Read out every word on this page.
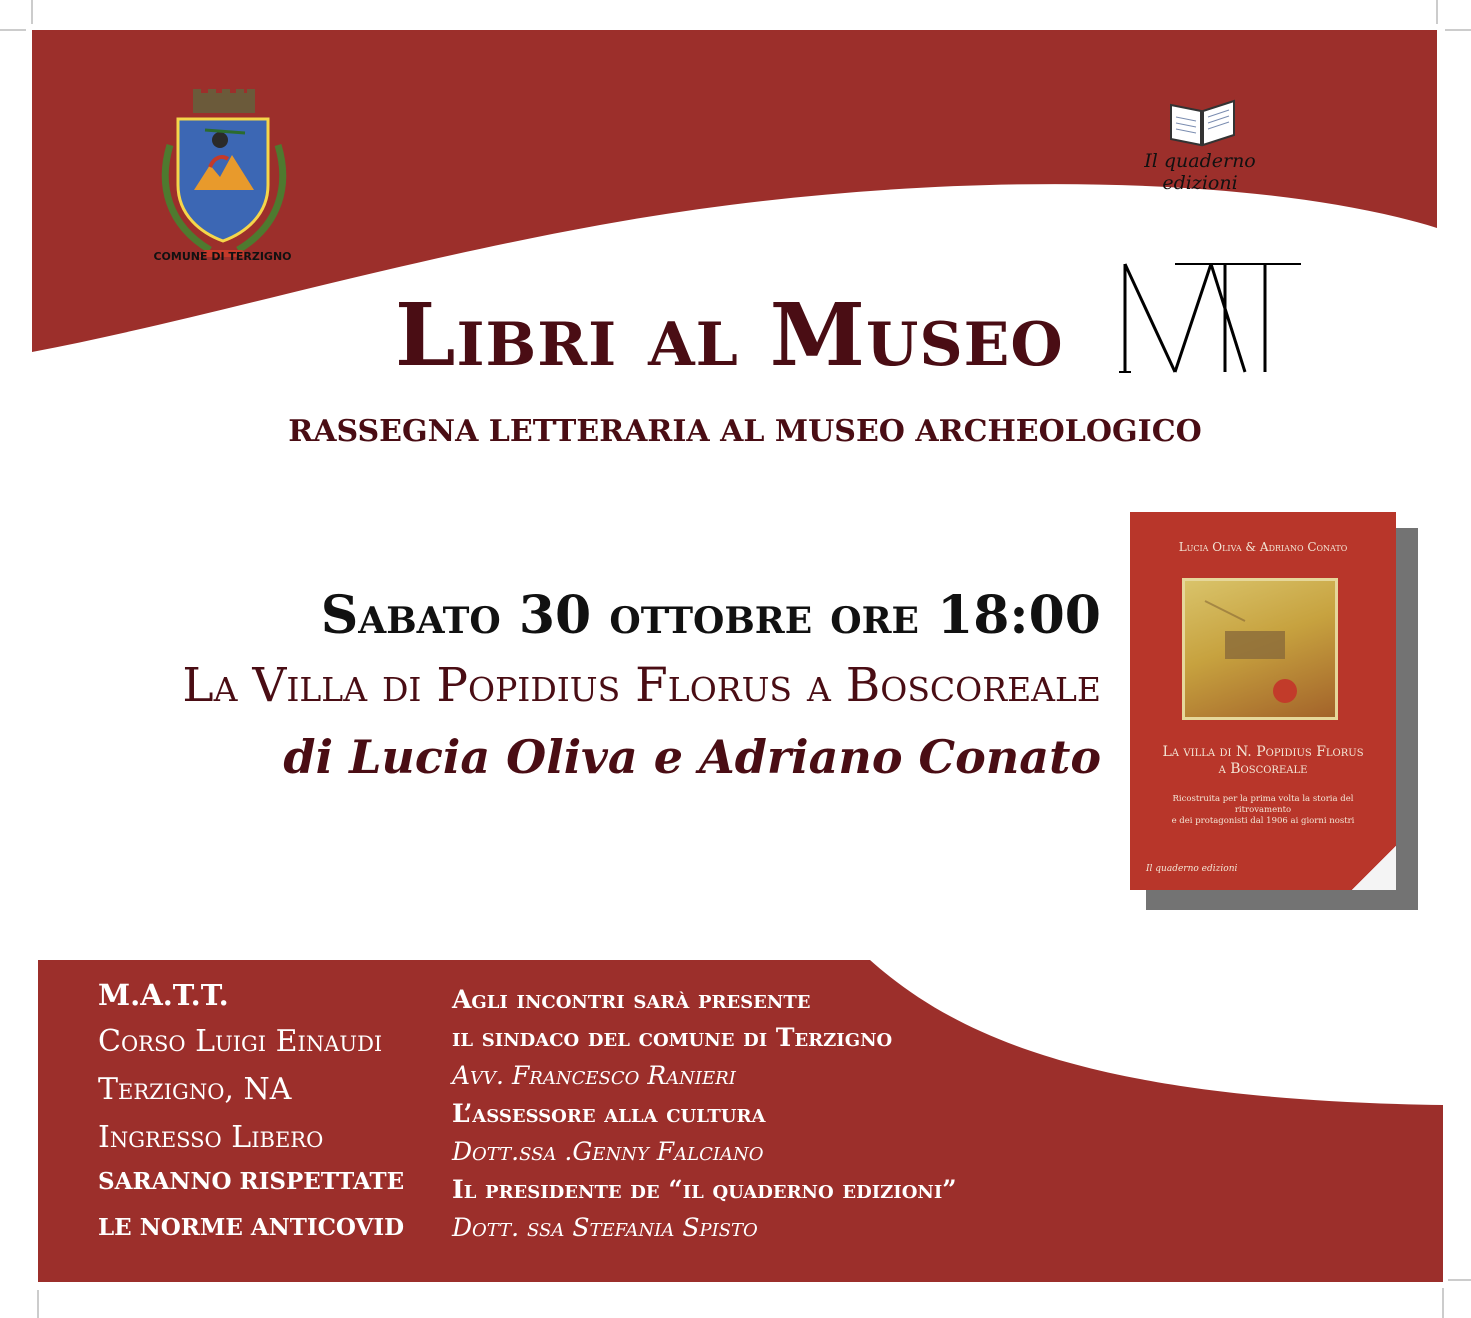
COMUNE DI TERZIGNO
Il quaderno edizioni
Libri al Museo
RASSEGNA LETTERARIA AL MUSEO ARCHEOLOGICO
Sabato 30 ottobre ore 18:00
La Villa di Popidius Florus a Boscoreale
di Lucia Oliva e Adriano Conato
Lucia Oliva & Adriano Conato
La villa di N. Popidius Florus
a Boscoreale
Ricostruita per la prima volta la storia del ritrovamento
e dei protagonisti dal 1906 ai giorni nostri
Il quaderno edizioni
M.A.T.T.
Corso Luigi Einaudi
Terzigno, NA
Ingresso Libero
SARANNO RISPETTATE
LE NORME ANTICOVID
Agli incontri sarà presente
il sindaco del comune di Terzigno
Avv. Francesco Ranieri
L’assessore alla cultura
Dott.ssa .Genny Falciano
Il presidente de “il quaderno edizioni”
Dott. ssa Stefania Spisto
